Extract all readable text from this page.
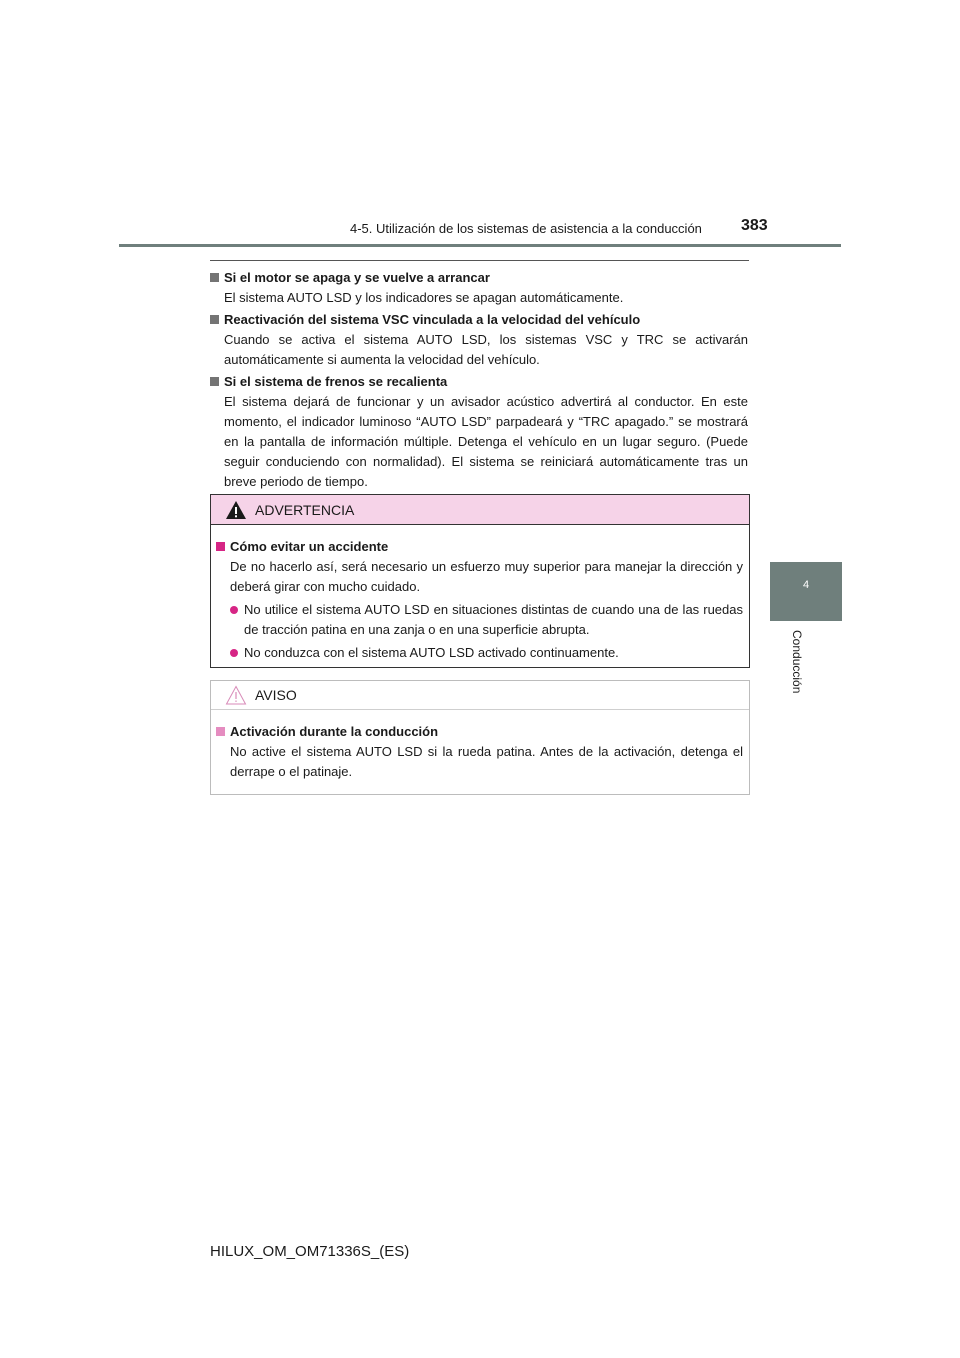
4-5. Utilización de los sistemas de asistencia a la conducción 383
4
Conducción
Si el motor se apaga y se vuelve a arrancar
El sistema AUTO LSD y los indicadores se apagan automáticamente.
Reactivación del sistema VSC vinculada a la velocidad del vehículo
Cuando se activa el sistema AUTO LSD, los sistemas VSC y TRC se activarán automáticamente si aumenta la velocidad del vehículo.
Si el sistema de frenos se recalienta
El sistema dejará de funcionar y un avisador acústico advertirá al conductor. En este momento, el indicador luminoso “AUTO LSD” parpadeará y “TRC apagado.” se mostrará en la pantalla de información múltiple. Detenga el vehículo en un lugar seguro. (Puede seguir conduciendo con normalidad). El sistema se reiniciará automáticamente tras un breve periodo de tiempo.
ADVERTENCIA
Cómo evitar un accidente
De no hacerlo así, será necesario un esfuerzo muy superior para manejar la dirección y deberá girar con mucho cuidado.
No utilice el sistema AUTO LSD en situaciones distintas de cuando una de las ruedas de tracción patina en una zanja o en una superficie abrupta.
No conduzca con el sistema AUTO LSD activado continuamente.
AVISO
Activación durante la conducción
No active el sistema AUTO LSD si la rueda patina. Antes de la activación, detenga el derrape o el patinaje.
HILUX_OM_OM71336S_(ES)
